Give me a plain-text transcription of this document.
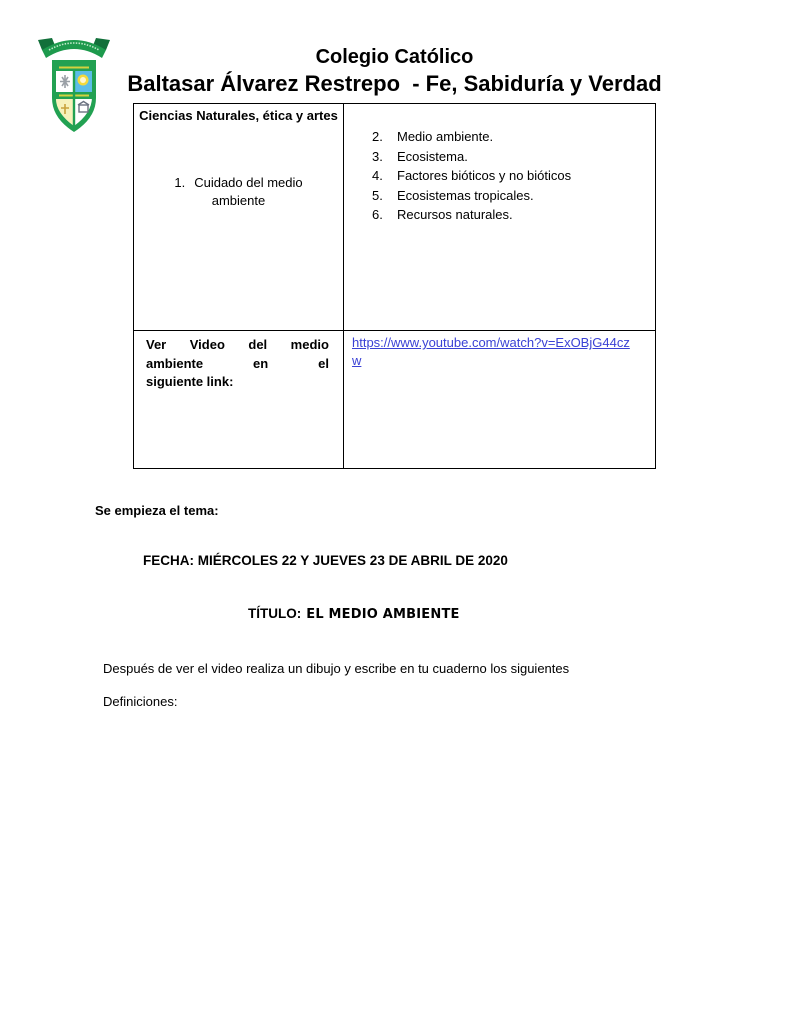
Colegio Católico
Baltasar Álvarez Restrepo  - Fe, Sabiduría y Verdad
Ciencias Naturales, ética y artes
1. Cuidado del medio ambiente
2.	Medio ambiente.
3.	Ecosistema.
4.	Factores bióticos y no bióticos
5.	Ecosistemas tropicales.
6.	Recursos naturales.
Ver Video del medio
ambiente	en	el
siguiente link:
https://www.youtube.com/watch?v=ExOBjG44czw
Se empieza el tema:
FECHA: MIÉRCOLES 22 Y JUEVES 23 DE ABRIL DE 2020
TÍTULO: EL MEDIO AMBIENTE
Después de ver el video realiza un dibujo y escribe en tu cuaderno los siguientes
Definiciones:
